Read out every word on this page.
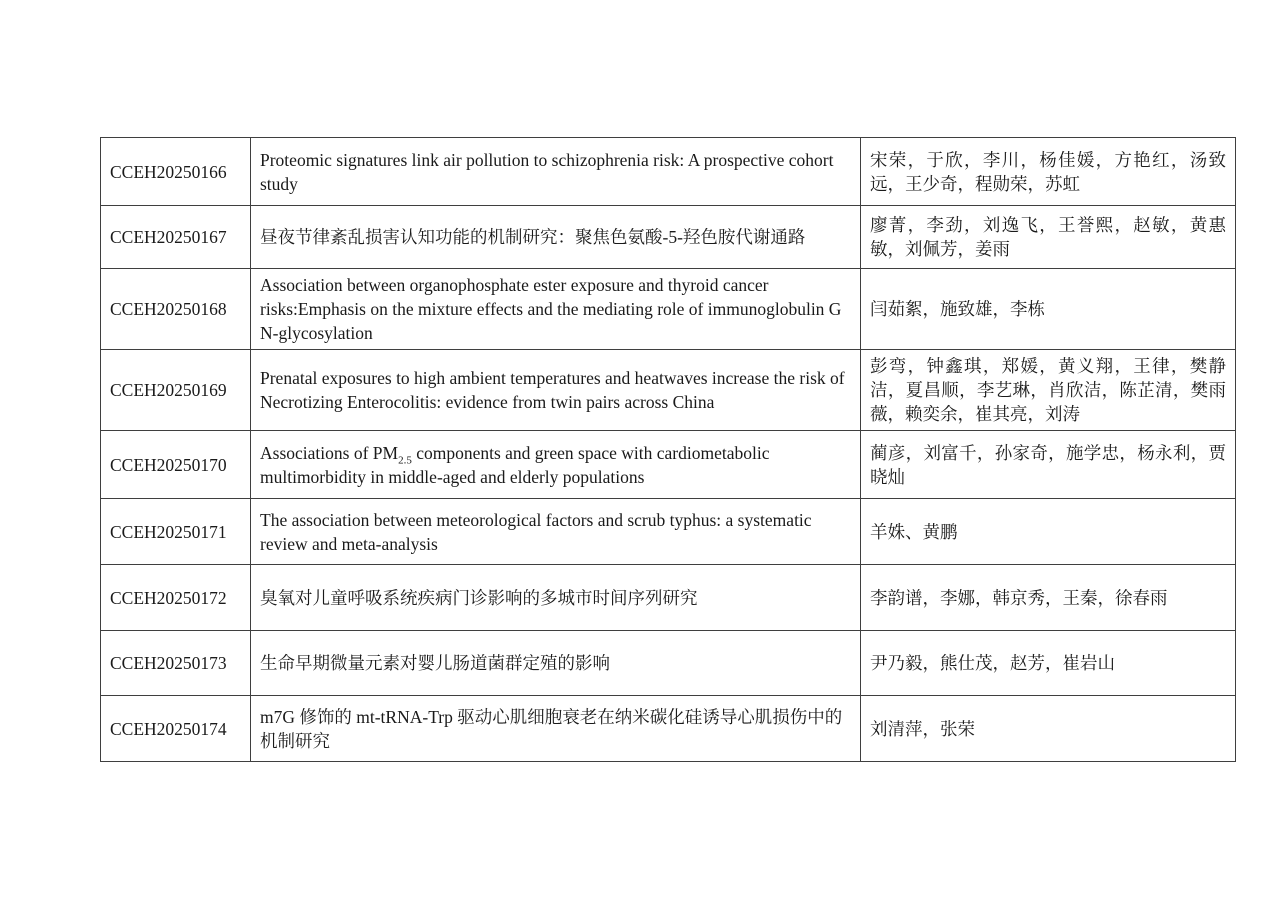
CCEH20250166	Proteomic signatures link air pollution to schizophrenia risk: A prospective cohort study	宋荣，于欣，李川，杨佳媛，方艳红，汤致远，王少奇，程勋荣，苏虹
CCEH20250167	昼夜节律紊乱损害认知功能的机制研究：聚焦色氨酸-5-羟色胺代谢通路	廖菁，李劲，刘逸飞，王誉熙，赵敏，黄惠敏，刘佩芳，姜雨
CCEH20250168	Association between organophosphate ester exposure and thyroid cancer risks:Emphasis on the mixture effects and the mediating role of immunoglobulin G N-glycosylation	闫茹絮，施致雄，李栋
CCEH20250169	Prenatal exposures to high ambient temperatures and heatwaves increase the risk of Necrotizing Enterocolitis: evidence from twin pairs across China	彭弯，钟鑫琪，郑媛，黄义翔，王律，樊静洁，夏昌顺，李艺琳，肖欣洁，陈芷清，樊雨薇，赖奕余，崔其亮，刘涛
CCEH20250170	Associations of $PM_{2.5}$ components and green space with cardiometabolic multimorbidity in middle-aged and elderly populations	蔺彦，刘富千，孙家奇，施学忠，杨永利，贾晓灿
CCEH20250171	The association between meteorological factors and scrub typhus: a systematic review and meta-analysis	羊姝、黄鹏
CCEH20250172	臭氧对儿童呼吸系统疾病门诊影响的多城市时间序列研究	李韵谱，李娜，韩京秀，王秦，徐春雨
CCEH20250173	生命早期微量元素对婴儿肠道菌群定殖的影响	尹乃毅，熊仕茂，赵芳，崔岩山
CCEH20250174	m7G 修饰的 mt-tRNA-Trp 驱动心肌细胞衰老在纳米碳化硅诱导心肌损伤中的机制研究	刘清萍，张荣
